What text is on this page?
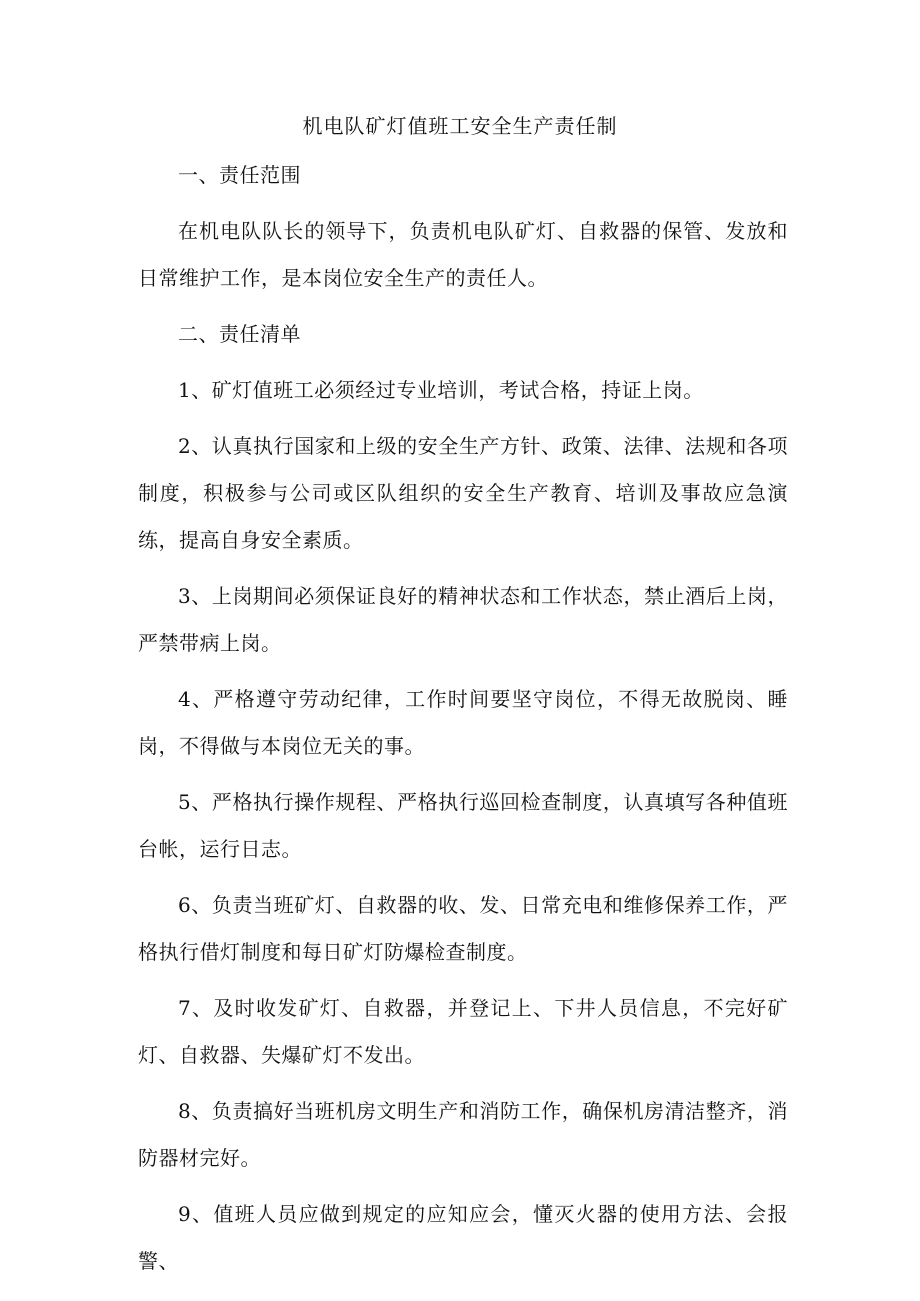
机电队矿灯值班工安全生产责任制

一、责任范围

在机电队队长的领导下，负责机电队矿灯、自救器的保管、发放和日常维护工作，是本岗位安全生产的责任人。

二、责任清单

1、矿灯值班工必须经过专业培训，考试合格，持证上岗。

2、认真执行国家和上级的安全生产方针、政策、法律、法规和各项制度，积极参与公司或区队组织的安全生产教育、培训及事故应急演练，提高自身安全素质。

3、上岗期间必须保证良好的精神状态和工作状态，禁止酒后上岗，严禁带病上岗。

4、严格遵守劳动纪律，工作时间要坚守岗位，不得无故脱岗、睡岗，不得做与本岗位无关的事。

5、严格执行操作规程、严格执行巡回检查制度，认真填写各种值班台帐，运行日志。

6、负责当班矿灯、自救器的收、发、日常充电和维修保养工作，严格执行借灯制度和每日矿灯防爆检查制度。

7、及时收发矿灯、自救器，并登记上、下井人员信息，不完好矿灯、自救器、失爆矿灯不发出。

8、负责搞好当班机房文明生产和消防工作，确保机房清洁整齐，消防器材完好。

9、值班人员应做到规定的应知应会，懂灭火器的使用方法、会报警、
